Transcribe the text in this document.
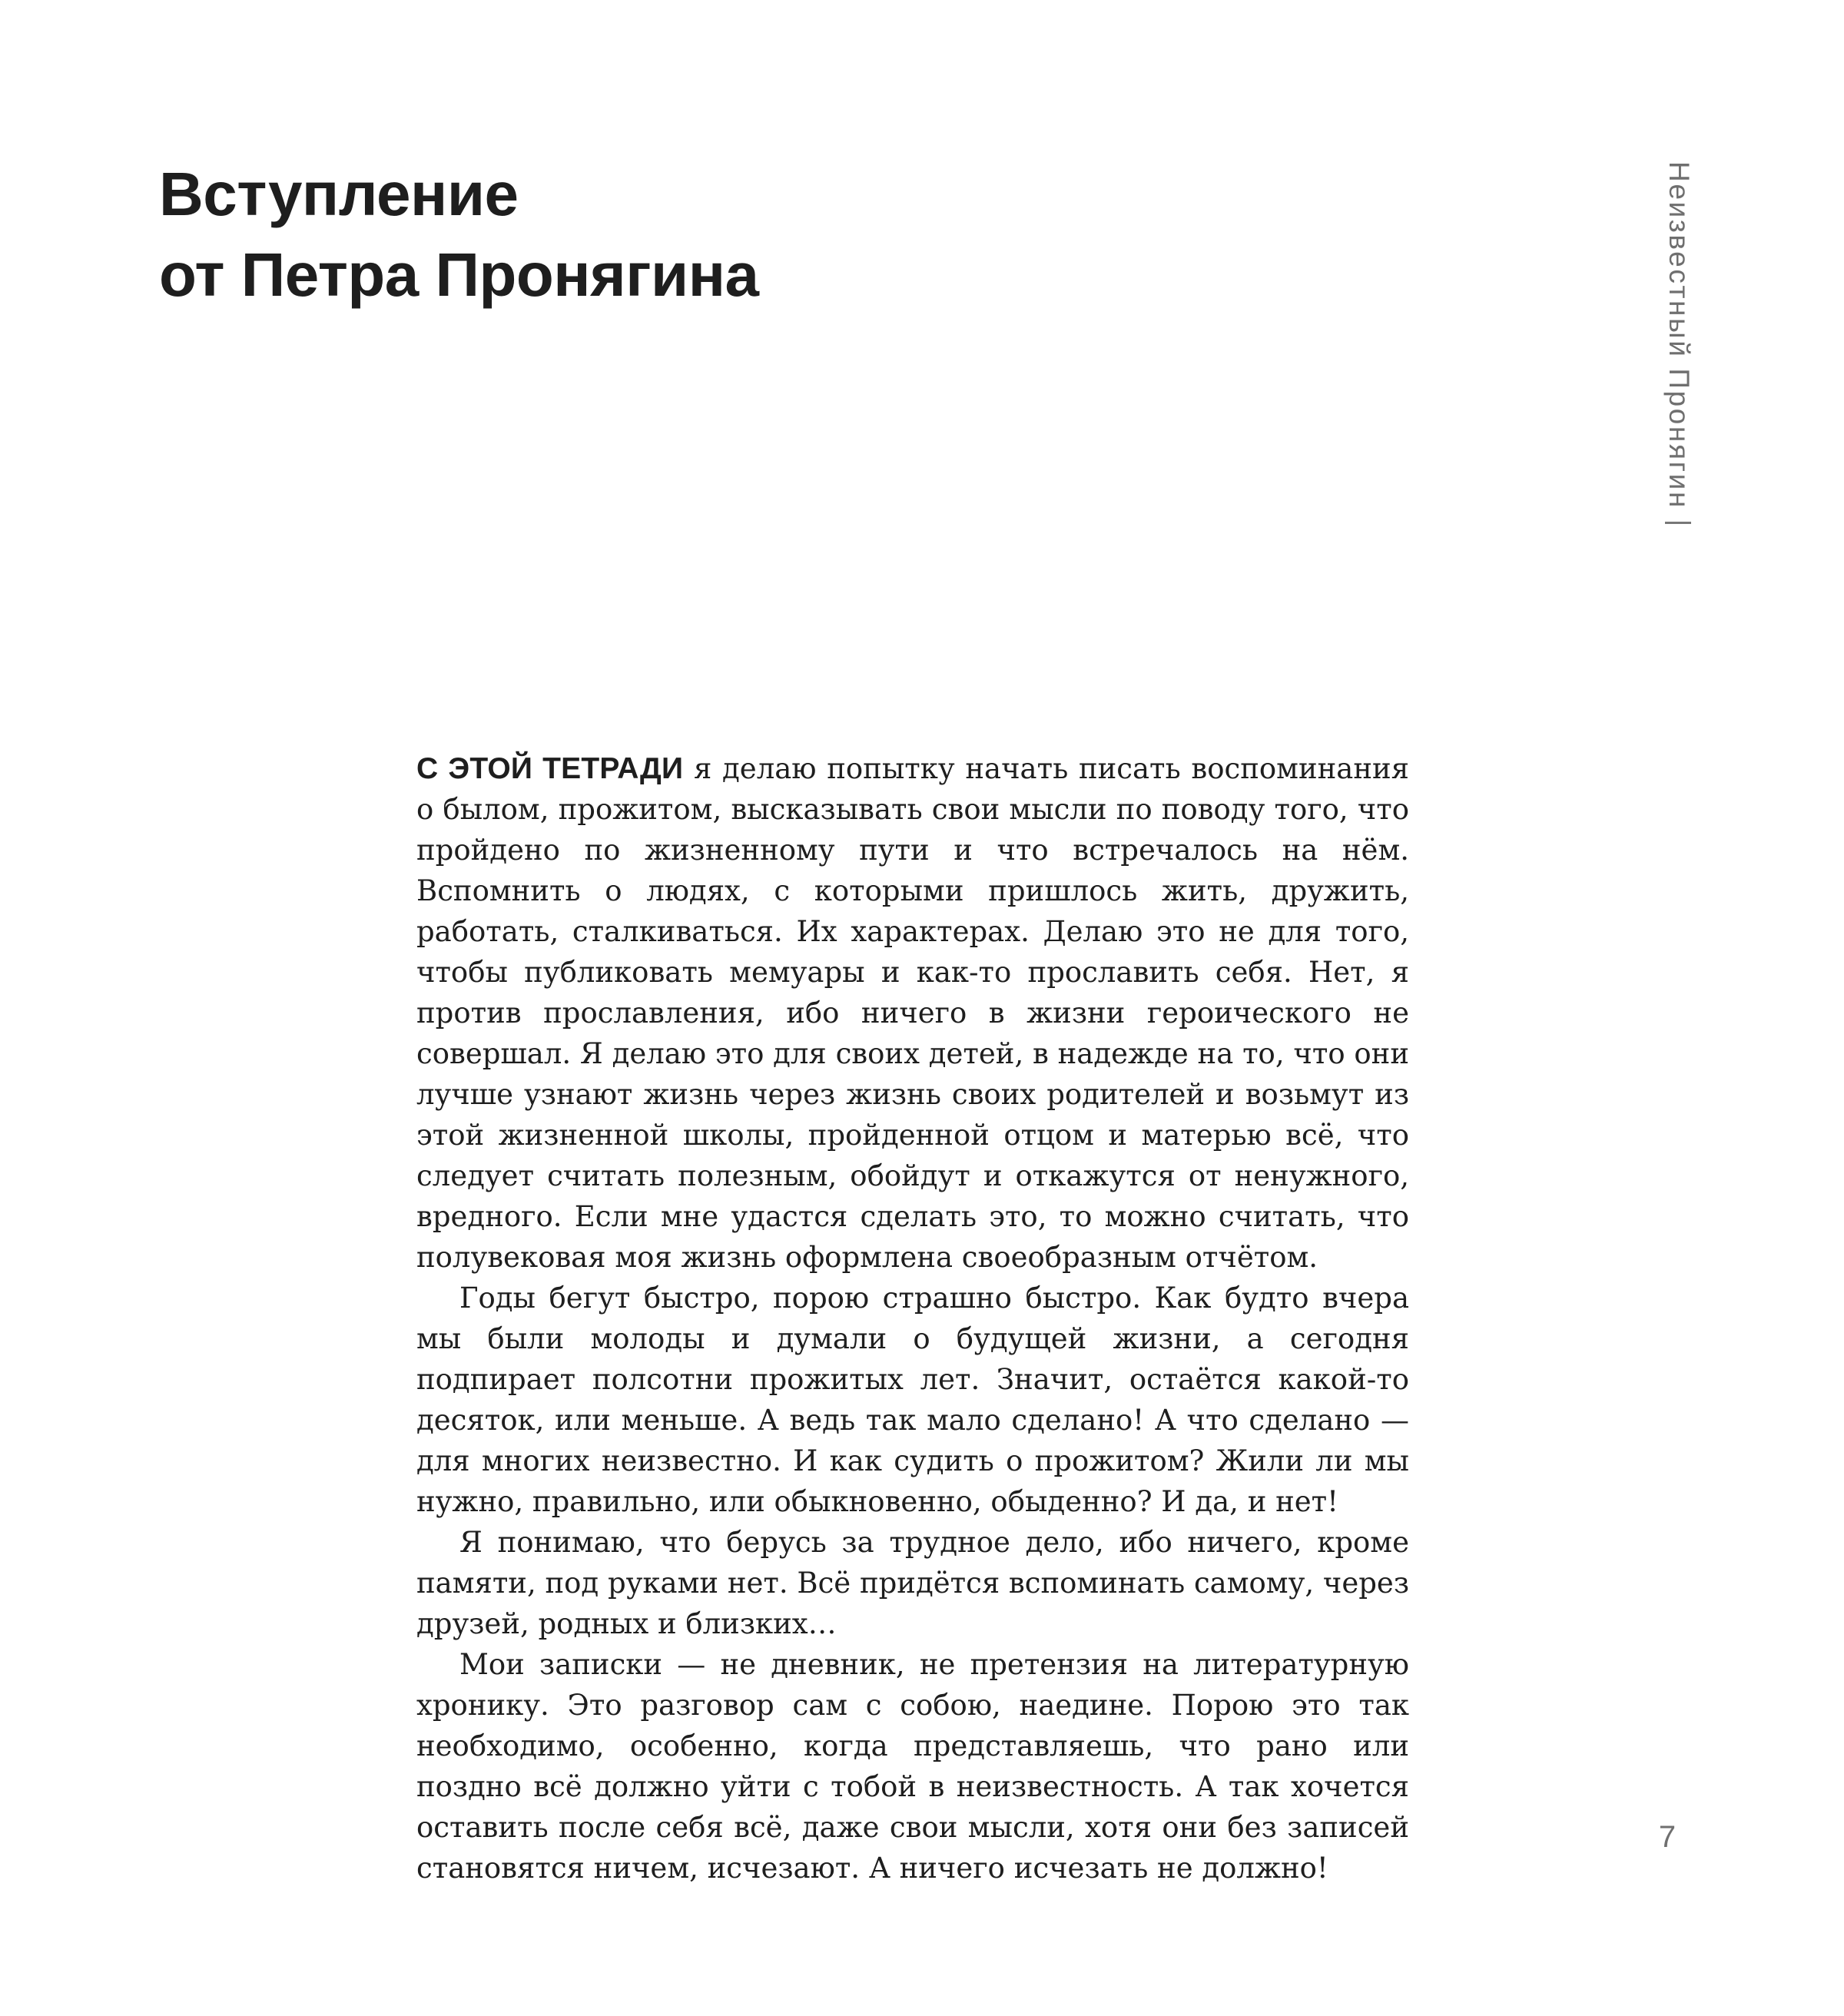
Вступление
от Петра Пронягина	Неизвестный Пронягин

С ЭТОЙ ТЕТРАДИ я делаю попытку начать писать воспоминания о былом, прожитом, высказывать свои мысли по поводу того, что пройдено по жизненному пути и что встречалось на нём. Вспомнить о людях, с которыми пришлось жить, дружить, работать, сталкиваться. Их характерах. Делаю это не для того, чтобы публиковать мемуары и как-то прославить себя. Нет, я против прославления, ибо ничего в жизни героического не совершал. Я делаю это для своих детей, в надежде на то, что они лучше узнают жизнь через жизнь своих родителей и возьмут из этой жизненной школы, пройденной отцом и матерью всё, что следует считать полезным, обойдут и откажутся от ненужного, вредного. Если мне удастся сделать это, то можно считать, что полувековая моя жизнь оформлена своеобразным отчётом.

Годы бегут быстро, порою страшно быстро. Как будто вчера мы были молоды и думали о будущей жизни, а сегодня подпирает полсотни прожитых лет. Значит, остаётся какой-то десяток, или меньше. А ведь так мало сделано! А что сделано — для многих неизвестно. И как судить о прожитом? Жили ли мы нужно, правильно, или обыкновенно, обыденно? И да, и нет!

Я понимаю, что берусь за трудное дело, ибо ничего, кроме памяти, под руками нет. Всё придётся вспоминать самому, через друзей, родных и близких…

Мои записки — не дневник, не претензия на литературную хронику. Это разговор сам с собою, наедине. Порою это так необходимо, особенно, когда представляешь, что рано или поздно всё должно уйти с тобой в неизвестность. А так хочется оставить после себя всё, даже свои мысли, хотя они без записей становятся ничем, исчезают. А ничего исчезать не должно!

7
